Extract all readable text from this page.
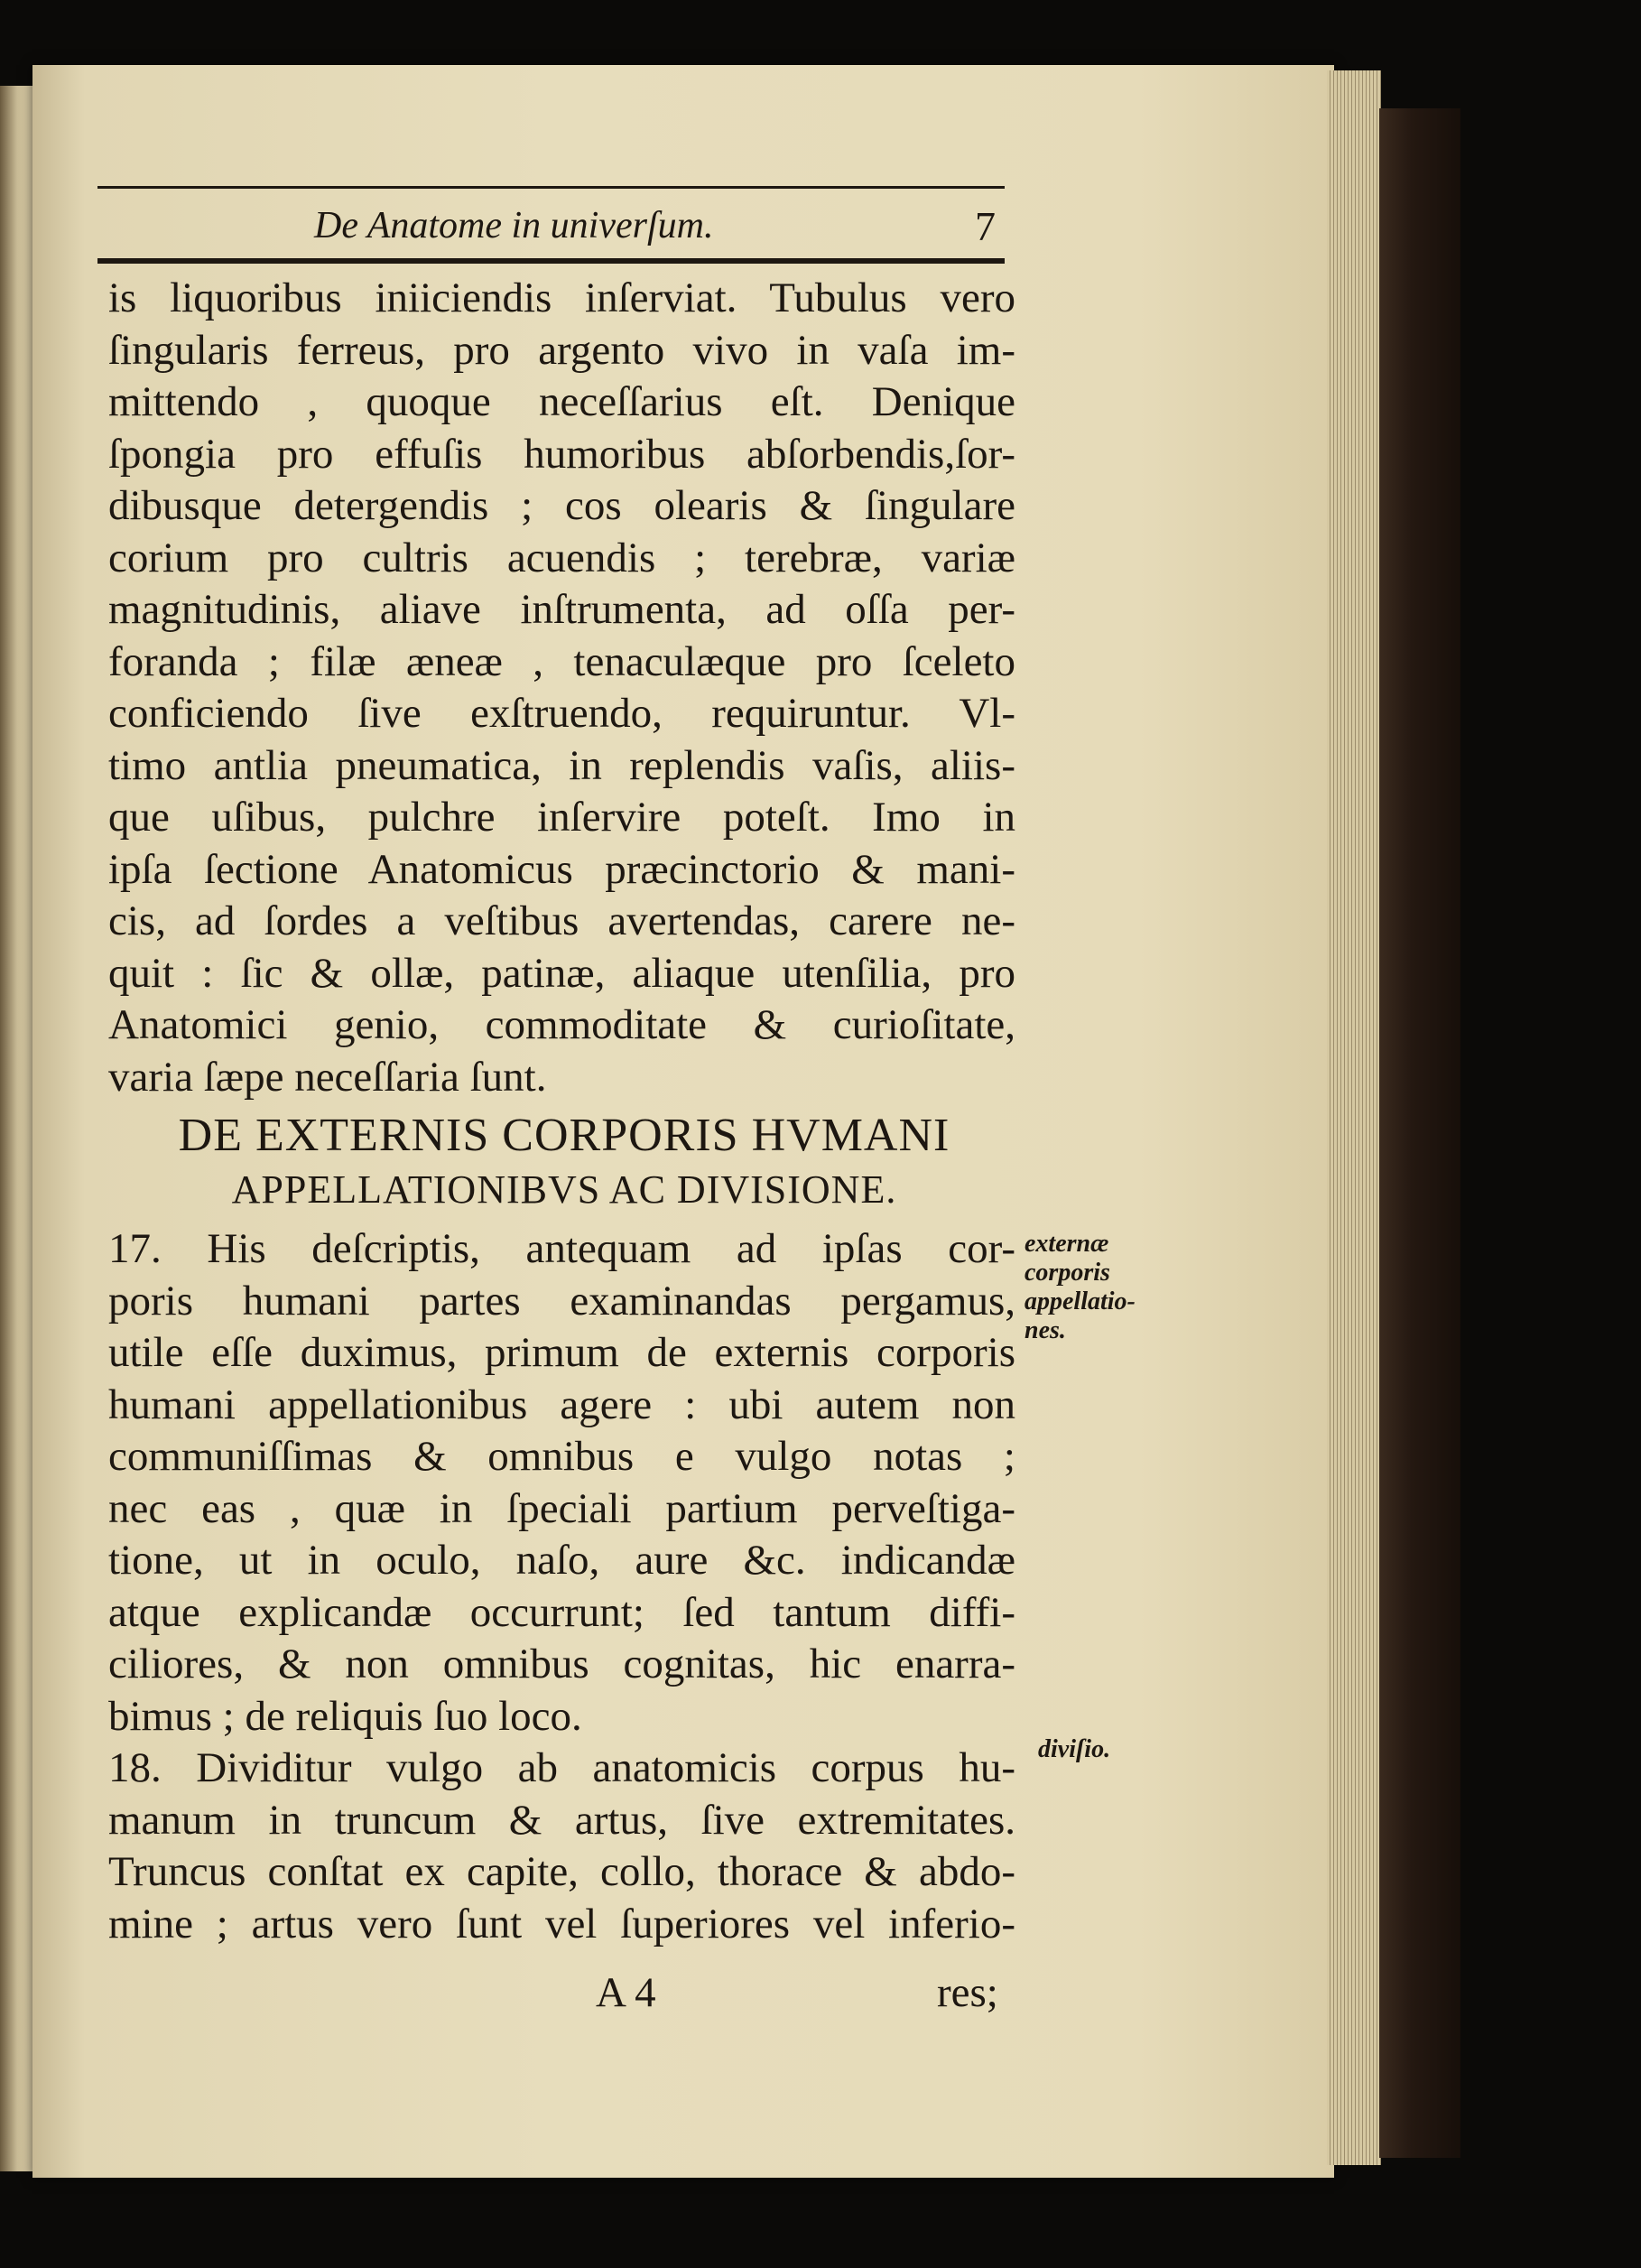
De Anatome in univerſum.	7
is liquoribus iniiciendis inſerviat. Tubulus vero
ſingularis ferreus, pro argento vivo in vaſa im-
mittendo , quoque neceſſarius eſt. Denique
ſpongia pro effuſis humoribus abſorbendis,ſor-
dibusque detergendis ; cos olearis & ſingulare
corium pro cultris acuendis ; terebræ, variæ
magnitudinis, aliave inſtrumenta, ad oſſa per-
foranda ; filæ æneæ , tenaculæque pro ſceleto
conficiendo ſive exſtruendo, requiruntur. Vl-
timo antlia pneumatica, in replendis vaſis, aliis-
que uſibus, pulchre inſervire poteſt. Imo in
ipſa ſectione Anatomicus præcinctorio & mani-
cis, ad ſordes a veſtibus avertendas, carere ne-
quit : ſic & ollæ, patinæ, aliaque utenſilia, pro
Anatomici genio, commoditate & curioſitate,
varia ſæpe neceſſaria ſunt.
DE EXTERNIS CORPORIS HVMANI
APPELLATIONIBVS AC DIVISIONE.
17. His deſcriptis, antequam ad ipſas cor-
poris humani partes examinandas pergamus,
utile eſſe duximus, primum de externis corporis
humani appellationibus agere : ubi autem non
communiſſimas & omnibus e vulgo notas ;
nec eas , quæ in ſpeciali partium perveſtiga-
tione, ut in oculo, naſo, aure &c. indicandæ
atque explicandæ occurrunt; ſed tantum diffi-
ciliores, & non omnibus cognitas, hic enarra-
bimus ; de reliquis ſuo loco.
18. Dividitur vulgo ab anatomicis corpus hu-
manum in truncum & artus, ſive extremitates.
Truncus conſtat ex capite, collo, thorace & abdo-
mine ; artus vero ſunt vel ſuperiores vel inferio-
externæ
corporis
appellatio-
nes.
diviſio.
A 4	res;
